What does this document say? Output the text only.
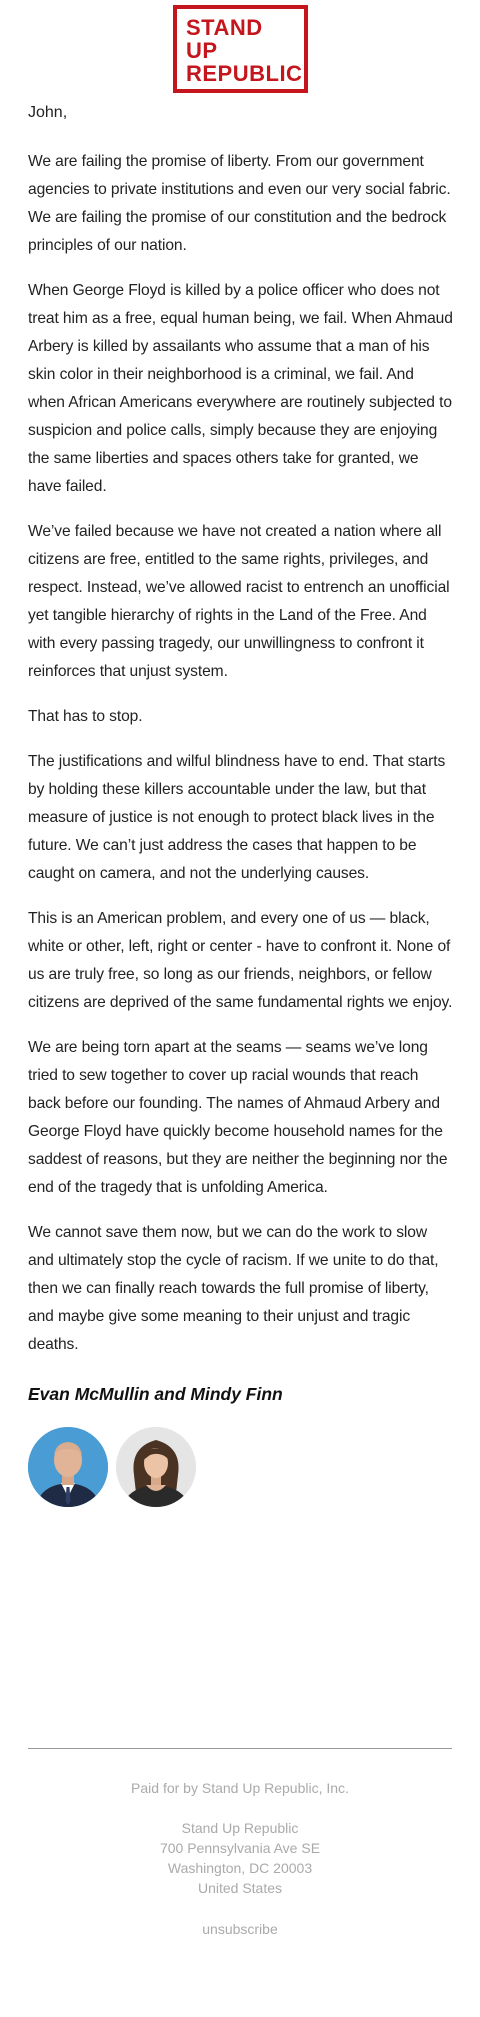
STAND
UP
REPUBLIC

John,

We are failing the promise of liberty. From our government agencies to private institutions and even our very social fabric. We are failing the promise of our constitution and the bedrock principles of our nation.

When George Floyd is killed by a police officer who does not treat him as a free, equal human being, we fail. When Ahmaud Arbery is killed by assailants who assume that a man of his skin color in their neighborhood is a criminal, we fail. And when African Americans everywhere are routinely subjected to suspicion and police calls, simply because they are enjoying the same liberties and spaces others take for granted, we have failed.

We’ve failed because we have not created a nation where all citizens are free, entitled to the same rights, privileges, and respect. Instead, we’ve allowed racist to entrench an unofficial yet tangible hierarchy of rights in the Land of the Free. And with every passing tragedy, our unwillingness to confront it reinforces that unjust system.

That has to stop.

The justifications and wilful blindness have to end. That starts by holding these killers accountable under the law, but that measure of justice is not enough to protect black lives in the future. We can’t just address the cases that happen to be caught on camera, and not the underlying causes.

This is an American problem, and every one of us — black, white or other, left, right or center - have to confront it. None of us are truly free, so long as our friends, neighbors, or fellow citizens are deprived of the same fundamental rights we enjoy.

We are being torn apart at the seams — seams we’ve long tried to sew together to cover up racial wounds that reach back before our founding. The names of Ahmaud Arbery and George Floyd have quickly become household names for the saddest of reasons, but they are neither the beginning nor the end of the tragedy that is unfolding America.

We cannot save them now, but we can do the work to slow and ultimately stop the cycle of racism. If we unite to do that, then we can finally reach towards the full promise of liberty, and maybe give some meaning to their unjust and tragic deaths.

Evan McMullin and Mindy Finn
Paid for by Stand Up Republic, Inc.
Stand Up Republic
700 Pennsylvania Ave SE
Washington, DC 20003
United States
unsubscribe
